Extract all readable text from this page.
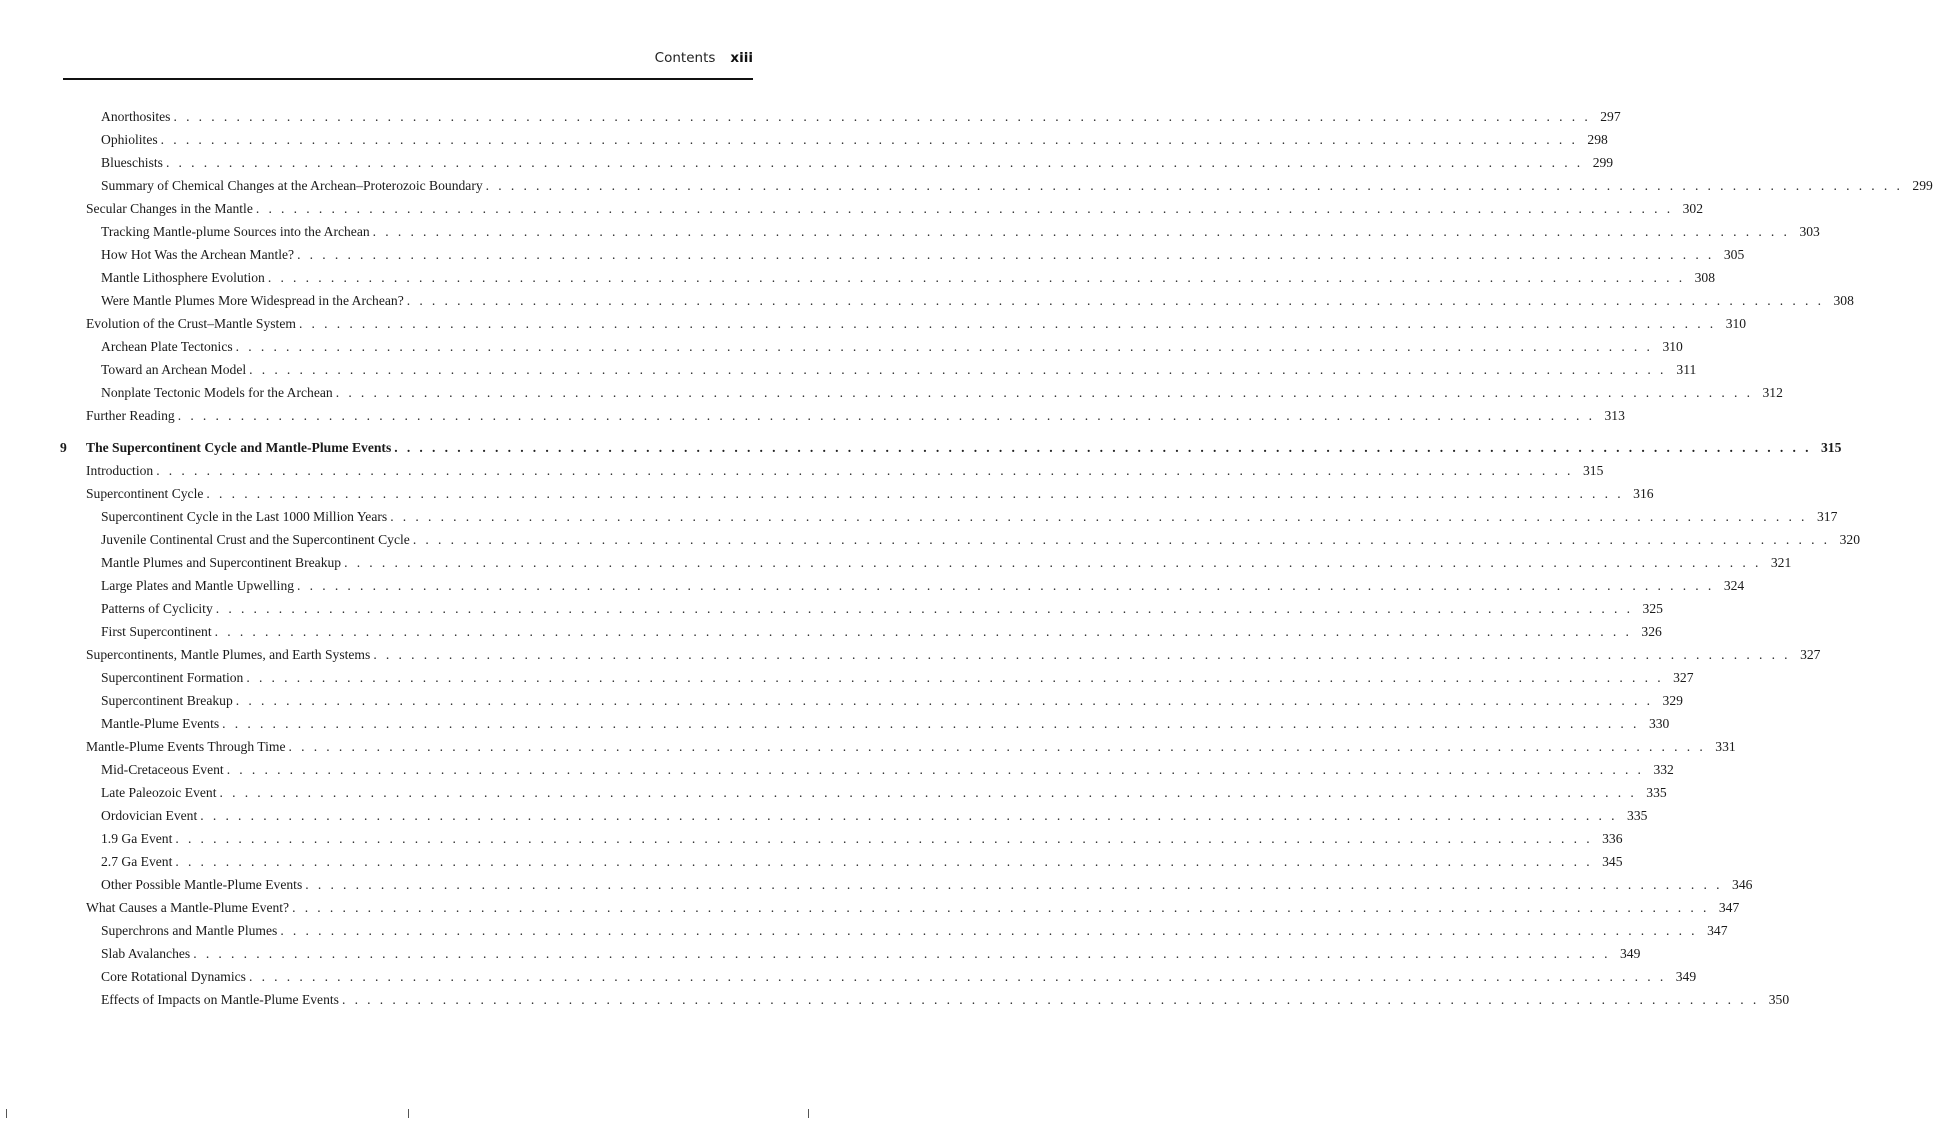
Contents xiii
Anorthosites . . . . . . . . . . . . . . . . . . . . . . . . . . . . . . . . . . . . . . . . . . . . . . . . . . . . . . . . . . . . . . . . . . . . . . . . . . . . . . . . . . . . . . . . . . . . . . . . . . . . . . . . . . . . . . . . . 297
Ophiolites . . . . . . . . . . . . . . . . . . . . . . . . . . . . . . . . . . . . . . . . . . . . . . . . . . . . . . . . . . . . . . . . . . . . . . . . . . . . . . . . . . . . . . . . . . . . . . . . . . . . . . . . . . . . . . . . . 298
Blueschists . . . . . . . . . . . . . . . . . . . . . . . . . . . . . . . . . . . . . . . . . . . . . . . . . . . . . . . . . . . . . . . . . . . . . . . . . . . . . . . . . . . . . . . . . . . . . . . . . . . . . . . . . . . . . . . . . 299
Summary of Chemical Changes at the Archean–Proterozoic Boundary . . . . . . . . . . . . . . . . . . . . . . . . . . . . . . . . . . . . . . . . . . . . . . . . . . . . . . . . . . . . . . . . . . . . . . . . . . . . . . . . . . . . . . . . . . . . . . . . . . . . . . . . . . . . . . . . . 299
Secular Changes in the Mantle . . . . . . . . . . . . . . . . . . . . . . . . . . . . . . . . . . . . . . . . . . . . . . . . . . . . . . . . . . . . . . . . . . . . . . . . . . . . . . . . . . . . . . . . . . . . . . . . . . . . . . . . . . . . . . . . . 302
Tracking Mantle-plume Sources into the Archean . . . . . . . . . . . . . . . . . . . . . . . . . . . . . . . . . . . . . . . . . . . . . . . . . . . . . . . . . . . . . . . . . . . . . . . . . . . . . . . . . . . . . . . . . . . . . . . . . . . . . . . . . . . . . . . . . 303
How Hot Was the Archean Mantle? . . . . . . . . . . . . . . . . . . . . . . . . . . . . . . . . . . . . . . . . . . . . . . . . . . . . . . . . . . . . . . . . . . . . . . . . . . . . . . . . . . . . . . . . . . . . . . . . . . . . . . . . . . . . . . . . . 305
Mantle Lithosphere Evolution . . . . . . . . . . . . . . . . . . . . . . . . . . . . . . . . . . . . . . . . . . . . . . . . . . . . . . . . . . . . . . . . . . . . . . . . . . . . . . . . . . . . . . . . . . . . . . . . . . . . . . . . . . . . . . . . . 308
Were Mantle Plumes More Widespread in the Archean? . . . . . . . . . . . . . . . . . . . . . . . . . . . . . . . . . . . . . . . . . . . . . . . . . . . . . . . . . . . . . . . . . . . . . . . . . . . . . . . . . . . . . . . . . . . . . . . . . . . . . . . . . . . . . . . . . 308
Evolution of the Crust–Mantle System . . . . . . . . . . . . . . . . . . . . . . . . . . . . . . . . . . . . . . . . . . . . . . . . . . . . . . . . . . . . . . . . . . . . . . . . . . . . . . . . . . . . . . . . . . . . . . . . . . . . . . . . . . . . . . . . . 310
Archean Plate Tectonics . . . . . . . . . . . . . . . . . . . . . . . . . . . . . . . . . . . . . . . . . . . . . . . . . . . . . . . . . . . . . . . . . . . . . . . . . . . . . . . . . . . . . . . . . . . . . . . . . . . . . . . . . . . . . . . . . 310
Toward an Archean Model . . . . . . . . . . . . . . . . . . . . . . . . . . . . . . . . . . . . . . . . . . . . . . . . . . . . . . . . . . . . . . . . . . . . . . . . . . . . . . . . . . . . . . . . . . . . . . . . . . . . . . . . . . . . . . . . . 311
Nonplate Tectonic Models for the Archean . . . . . . . . . . . . . . . . . . . . . . . . . . . . . . . . . . . . . . . . . . . . . . . . . . . . . . . . . . . . . . . . . . . . . . . . . . . . . . . . . . . . . . . . . . . . . . . . . . . . . . . . . . . . . . . . . 312
Further Reading . . . . . . . . . . . . . . . . . . . . . . . . . . . . . . . . . . . . . . . . . . . . . . . . . . . . . . . . . . . . . . . . . . . . . . . . . . . . . . . . . . . . . . . . . . . . . . . . . . . . . . . . . . . . . . . . . 313
9	The Supercontinent Cycle and Mantle-Plume Events . . . . . . . . . . . . . . . . . . . . . . . . . . . . . . . . . . . . . . . . . . . . . . . . . . . . . . . . . . . . . . . . . . . . . . . . . . . . . . . . . . . . . . . . . . . . . . . . . . . . . . . . . . . . . . . . . 315
Introduction . . . . . . . . . . . . . . . . . . . . . . . . . . . . . . . . . . . . . . . . . . . . . . . . . . . . . . . . . . . . . . . . . . . . . . . . . . . . . . . . . . . . . . . . . . . . . . . . . . . . . . . . . . . . . . . . . 315
Supercontinent Cycle . . . . . . . . . . . . . . . . . . . . . . . . . . . . . . . . . . . . . . . . . . . . . . . . . . . . . . . . . . . . . . . . . . . . . . . . . . . . . . . . . . . . . . . . . . . . . . . . . . . . . . . . . . . . . . . . . 316
Supercontinent Cycle in the Last 1000 Million Years . . . . . . . . . . . . . . . . . . . . . . . . . . . . . . . . . . . . . . . . . . . . . . . . . . . . . . . . . . . . . . . . . . . . . . . . . . . . . . . . . . . . . . . . . . . . . . . . . . . . . . . . . . . . . . . . . 317
Juvenile Continental Crust and the Supercontinent Cycle . . . . . . . . . . . . . . . . . . . . . . . . . . . . . . . . . . . . . . . . . . . . . . . . . . . . . . . . . . . . . . . . . . . . . . . . . . . . . . . . . . . . . . . . . . . . . . . . . . . . . . . . . . . . . . . . . 320
Mantle Plumes and Supercontinent Breakup . . . . . . . . . . . . . . . . . . . . . . . . . . . . . . . . . . . . . . . . . . . . . . . . . . . . . . . . . . . . . . . . . . . . . . . . . . . . . . . . . . . . . . . . . . . . . . . . . . . . . . . . . . . . . . . . . 321
Large Plates and Mantle Upwelling . . . . . . . . . . . . . . . . . . . . . . . . . . . . . . . . . . . . . . . . . . . . . . . . . . . . . . . . . . . . . . . . . . . . . . . . . . . . . . . . . . . . . . . . . . . . . . . . . . . . . . . . . . . . . . . . . 324
Patterns of Cyclicity . . . . . . . . . . . . . . . . . . . . . . . . . . . . . . . . . . . . . . . . . . . . . . . . . . . . . . . . . . . . . . . . . . . . . . . . . . . . . . . . . . . . . . . . . . . . . . . . . . . . . . . . . . . . . . . . . 325
First Supercontinent . . . . . . . . . . . . . . . . . . . . . . . . . . . . . . . . . . . . . . . . . . . . . . . . . . . . . . . . . . . . . . . . . . . . . . . . . . . . . . . . . . . . . . . . . . . . . . . . . . . . . . . . . . . . . . . . . 326
Supercontinents, Mantle Plumes, and Earth Systems . . . . . . . . . . . . . . . . . . . . . . . . . . . . . . . . . . . . . . . . . . . . . . . . . . . . . . . . . . . . . . . . . . . . . . . . . . . . . . . . . . . . . . . . . . . . . . . . . . . . . . . . . . . . . . . . . 327
Supercontinent Formation . . . . . . . . . . . . . . . . . . . . . . . . . . . . . . . . . . . . . . . . . . . . . . . . . . . . . . . . . . . . . . . . . . . . . . . . . . . . . . . . . . . . . . . . . . . . . . . . . . . . . . . . . . . . . . . . . 327
Supercontinent Breakup . . . . . . . . . . . . . . . . . . . . . . . . . . . . . . . . . . . . . . . . . . . . . . . . . . . . . . . . . . . . . . . . . . . . . . . . . . . . . . . . . . . . . . . . . . . . . . . . . . . . . . . . . . . . . . . . . 329
Mantle-Plume Events . . . . . . . . . . . . . . . . . . . . . . . . . . . . . . . . . . . . . . . . . . . . . . . . . . . . . . . . . . . . . . . . . . . . . . . . . . . . . . . . . . . . . . . . . . . . . . . . . . . . . . . . . . . . . . . . . 330
Mantle-Plume Events Through Time . . . . . . . . . . . . . . . . . . . . . . . . . . . . . . . . . . . . . . . . . . . . . . . . . . . . . . . . . . . . . . . . . . . . . . . . . . . . . . . . . . . . . . . . . . . . . . . . . . . . . . . . . . . . . . . . . 331
Mid-Cretaceous Event . . . . . . . . . . . . . . . . . . . . . . . . . . . . . . . . . . . . . . . . . . . . . . . . . . . . . . . . . . . . . . . . . . . . . . . . . . . . . . . . . . . . . . . . . . . . . . . . . . . . . . . . . . . . . . . . . 332
Late Paleozoic Event . . . . . . . . . . . . . . . . . . . . . . . . . . . . . . . . . . . . . . . . . . . . . . . . . . . . . . . . . . . . . . . . . . . . . . . . . . . . . . . . . . . . . . . . . . . . . . . . . . . . . . . . . . . . . . . . . 335
Ordovician Event . . . . . . . . . . . . . . . . . . . . . . . . . . . . . . . . . . . . . . . . . . . . . . . . . . . . . . . . . . . . . . . . . . . . . . . . . . . . . . . . . . . . . . . . . . . . . . . . . . . . . . . . . . . . . . . . . 335
1.9 Ga Event . . . . . . . . . . . . . . . . . . . . . . . . . . . . . . . . . . . . . . . . . . . . . . . . . . . . . . . . . . . . . . . . . . . . . . . . . . . . . . . . . . . . . . . . . . . . . . . . . . . . . . . . . . . . . . . . . 336
2.7 Ga Event . . . . . . . . . . . . . . . . . . . . . . . . . . . . . . . . . . . . . . . . . . . . . . . . . . . . . . . . . . . . . . . . . . . . . . . . . . . . . . . . . . . . . . . . . . . . . . . . . . . . . . . . . . . . . . . . . 345
Other Possible Mantle-Plume Events . . . . . . . . . . . . . . . . . . . . . . . . . . . . . . . . . . . . . . . . . . . . . . . . . . . . . . . . . . . . . . . . . . . . . . . . . . . . . . . . . . . . . . . . . . . . . . . . . . . . . . . . . . . . . . . . . 346
What Causes a Mantle-Plume Event? . . . . . . . . . . . . . . . . . . . . . . . . . . . . . . . . . . . . . . . . . . . . . . . . . . . . . . . . . . . . . . . . . . . . . . . . . . . . . . . . . . . . . . . . . . . . . . . . . . . . . . . . . . . . . . . . . 347
Superchrons and Mantle Plumes . . . . . . . . . . . . . . . . . . . . . . . . . . . . . . . . . . . . . . . . . . . . . . . . . . . . . . . . . . . . . . . . . . . . . . . . . . . . . . . . . . . . . . . . . . . . . . . . . . . . . . . . . . . . . . . . . 347
Slab Avalanches . . . . . . . . . . . . . . . . . . . . . . . . . . . . . . . . . . . . . . . . . . . . . . . . . . . . . . . . . . . . . . . . . . . . . . . . . . . . . . . . . . . . . . . . . . . . . . . . . . . . . . . . . . . . . . . . . 349
Core Rotational Dynamics . . . . . . . . . . . . . . . . . . . . . . . . . . . . . . . . . . . . . . . . . . . . . . . . . . . . . . . . . . . . . . . . . . . . . . . . . . . . . . . . . . . . . . . . . . . . . . . . . . . . . . . . . . . . . . . . . 349
Effects of Impacts on Mantle-Plume Events . . . . . . . . . . . . . . . . . . . . . . . . . . . . . . . . . . . . . . . . . . . . . . . . . . . . . . . . . . . . . . . . . . . . . . . . . . . . . . . . . . . . . . . . . . . . . . . . . . . . . . . . . . . . . . . . . 350
